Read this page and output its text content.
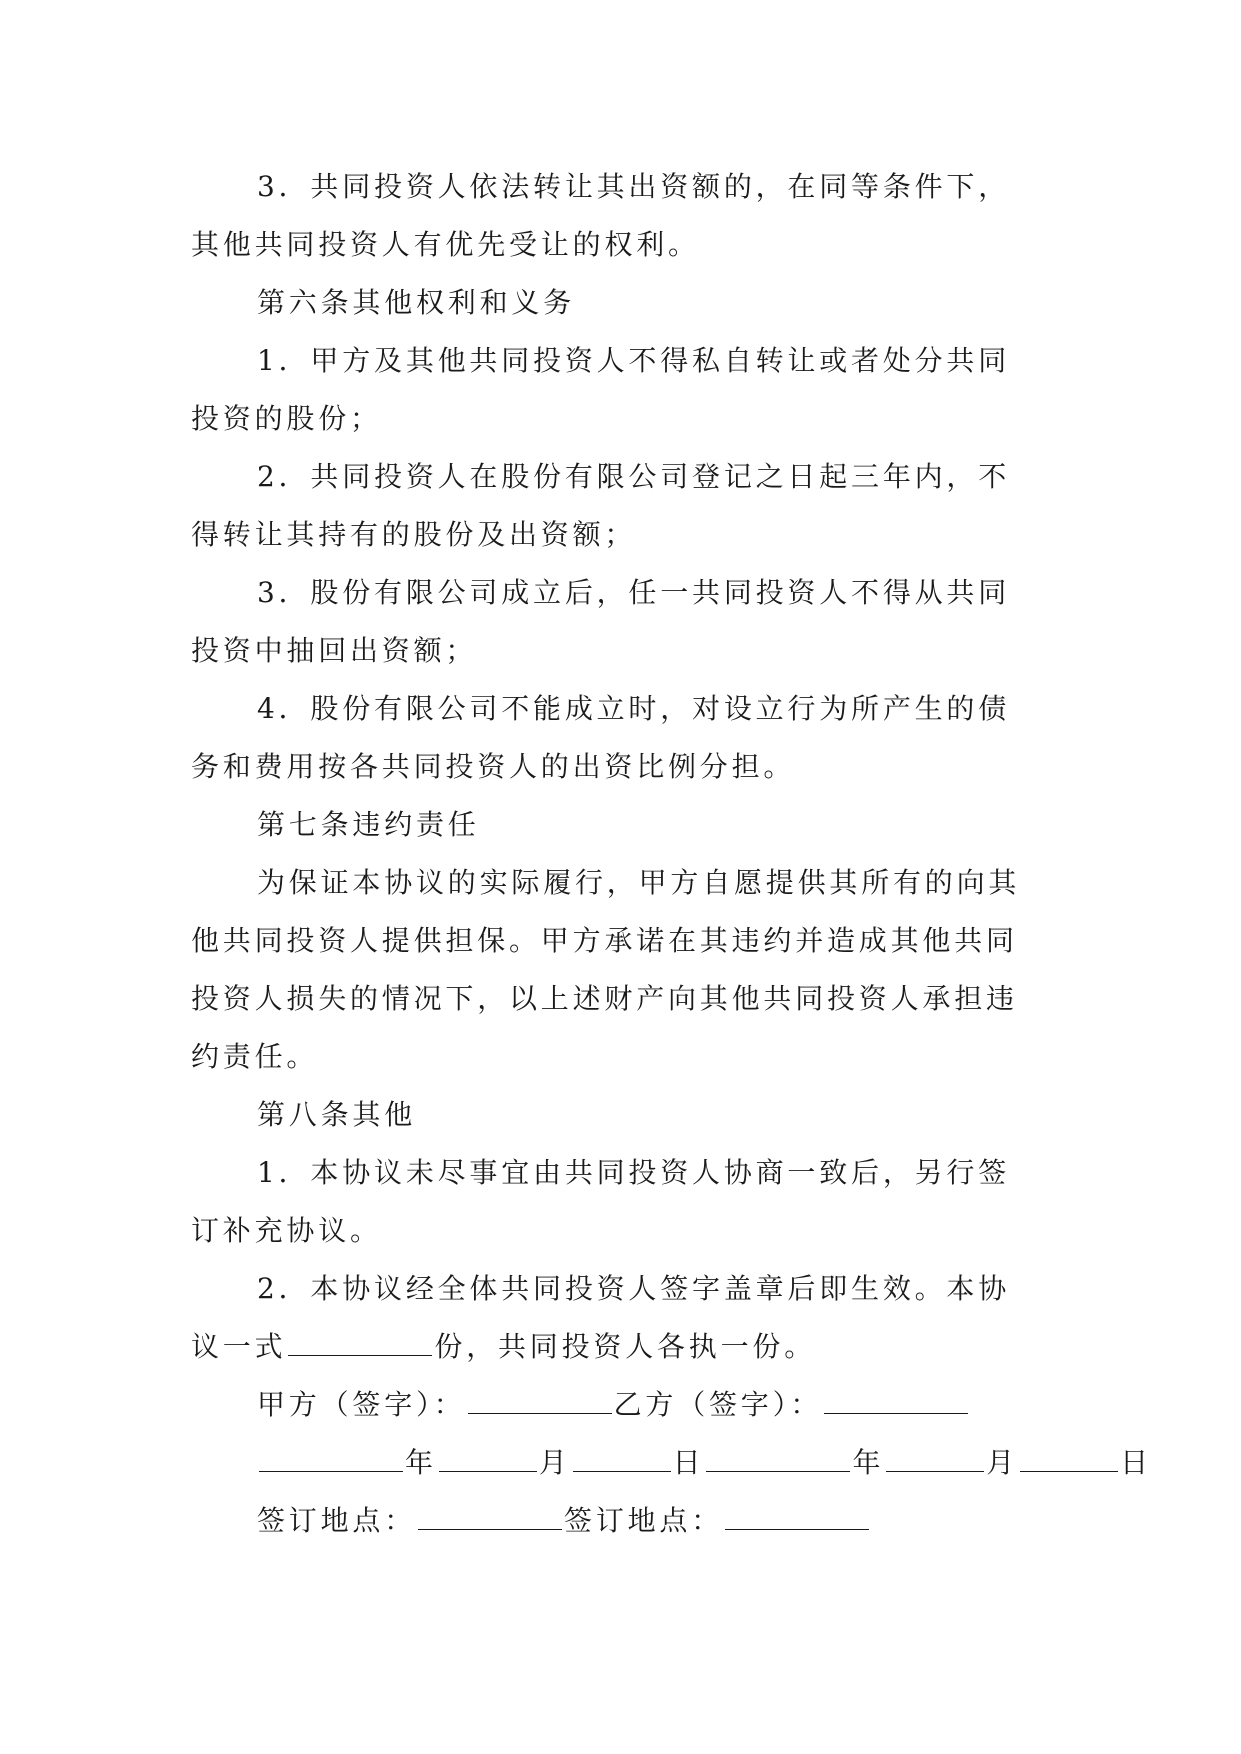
3．共同投资人依法转让其出资额的，在同等条件下，
其他共同投资人有优先受让的权利。
第六条其他权利和义务
1．甲方及其他共同投资人不得私自转让或者处分共同
投资的股份；
2．共同投资人在股份有限公司登记之日起三年内，不
得转让其持有的股份及出资额；
3．股份有限公司成立后，任一共同投资人不得从共同
投资中抽回出资额；
4．股份有限公司不能成立时，对设立行为所产生的债
务和费用按各共同投资人的出资比例分担。
第七条违约责任
为保证本协议的实际履行，甲方自愿提供其所有的向其
他共同投资人提供担保。甲方承诺在其违约并造成其他共同
投资人损失的情况下，以上述财产向其他共同投资人承担违
约责任。
第八条其他
1．本协议未尽事宜由共同投资人协商一致后，另行签
订补充协议。
2．本协议经全体共同投资人签字盖章后即生效。本协
议一式	份，共同投资人各执一份。
甲方（签字）：	乙方（签字）：
年	月	日	年	月	日
签订地点：	签订地点：
